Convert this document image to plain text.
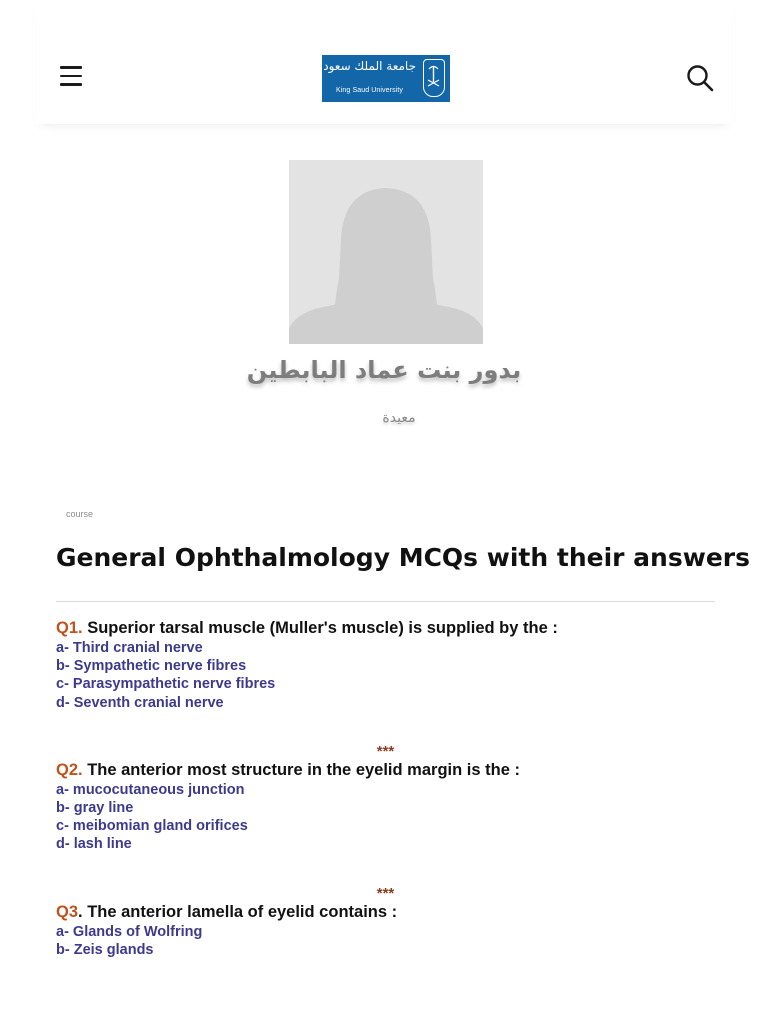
جامعة الملك سعود
King Saud University
بدور بنت عماد البابطين
معيدة
course
General Ophthalmology MCQs with their answers
Q1. Superior tarsal muscle (Muller's muscle) is supplied by the :
a- Third cranial nerve
b- Sympathetic nerve fibres
c- Parasympathetic nerve fibres
d- Seventh cranial nerve
***
Q2. The anterior most structure in the eyelid margin is the :
a- mucocutaneous junction
b- gray line
c- meibomian gland orifices
d- lash line
***
Q3. The anterior lamella of eyelid contains :
a- Glands of Wolfring
b- Zeis glands
